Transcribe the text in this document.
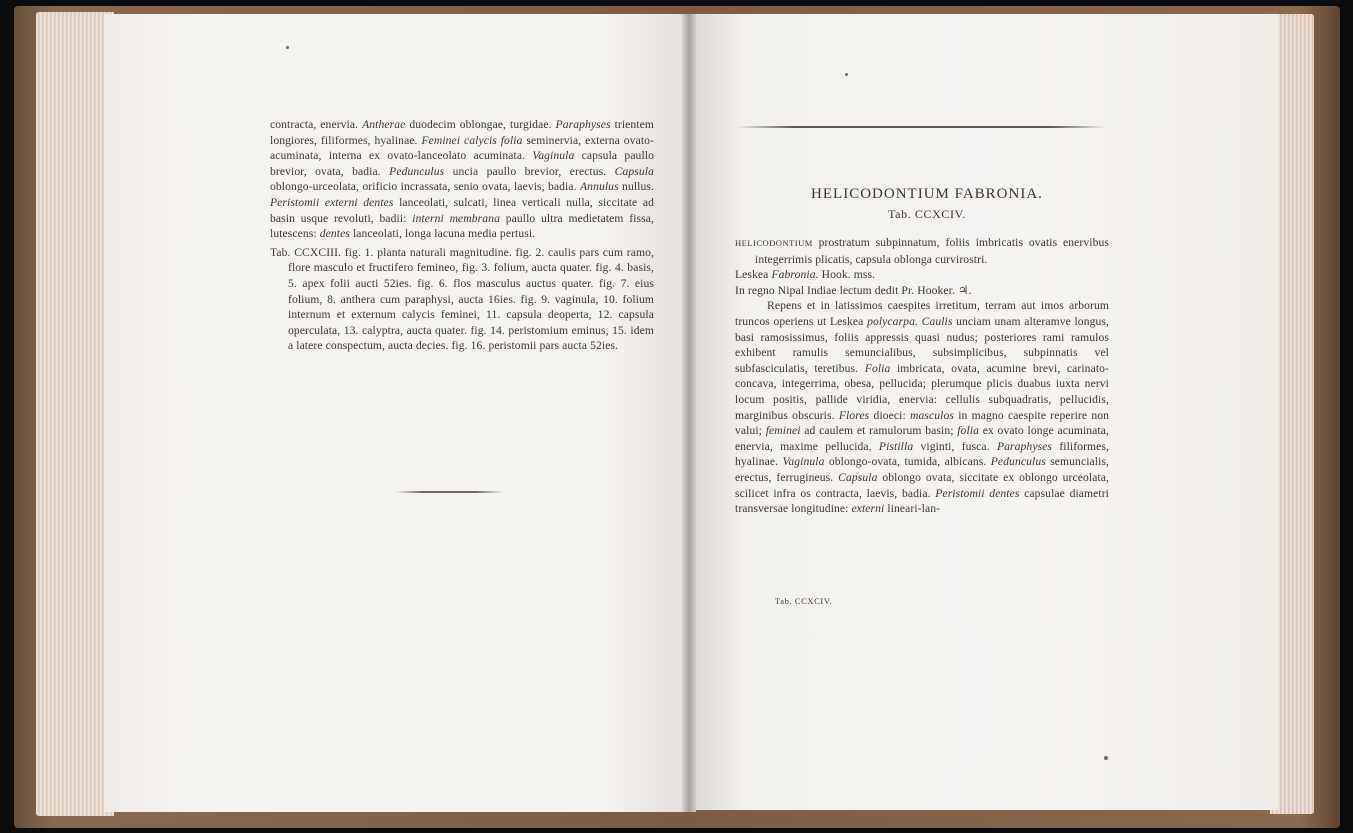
contracta, enervia. Antherae duodecim oblongae, turgidae. Paraphyses trientem longiores, filiformes, hyalinae. Feminei calycis folia seminervia, externa ovato-acuminata, interna ex ovato-lanceolato acuminata. Vaginula capsula paullo brevior, ovata, badia. Pedunculus uncia paullo brevior, erectus. Capsula oblongo-urceolata, orificio incrassata, senio ovata, laevis, badia. Annulus nullus. Peristomii externi dentes lanceolati, sulcati, linea verticali nulla, siccitate ad basin usque revoluti, badii: interni membrana paullo ultra medietatem fissa, lutescens: dentes lanceolati, longa lacuna media pertusi.

Tab. CCXCIII. fig. 1. planta naturali magnitudine. fig. 2. caulis pars cum ramo, flore masculo et fructifero femineo, fig. 3. folium, aucta quater. fig. 4. basis, 5. apex folii aucti 52ies. fig. 6. flos masculus auctus quater. fig. 7. eius folium, 8. anthera cum paraphysi, aucta 16ies. fig. 9. vaginula, 10. folium internum et externum calycis feminei, 11. capsula deoperta, 12. capsula operculata, 13. calyptra, aucta quater. fig. 14. peristomium eminus, 15. idem a latere conspectum, aucta decies. fig. 16. peristomii pars aucta 52ies.

HELICODONTIUM FABRONIA.
Tab. CCXCIV.

HELICODONTIUM prostratum subpinnatum, foliis imbricatis ovatis enervibus integerrimis plicatis, capsula oblonga curvirostri.

Leskea Fabronia. Hook. mss.

In regno Nipal Indiae lectum dedit Pr. Hooker. ♃.

Repens et in latissimos caespites irretitum, terram aut imos arborum truncos operiens ut Leskea polycarpa. Caulis unciam unam alteramve longus, basi ramosissimus, foliis appressis quasi nudus; posteriores rami ramulos exhibent ramulis semuncialibus, subsimplicibus, subpinnatis vel subfasciculatis, teretibus. Folia imbricata, ovata, acumine brevi, carinato-concava, integerrima, obesa, pellucida; plerumque plicis duabus iuxta nervi locum positis, pallide viridia, enervia: cellulis subquadratis, pellucidis, marginibus obscuris. Flores dioeci: masculos in magno caespite reperire non valui; feminei ad caulem et ramulorum basin; folia ex ovato longe acuminata, enervia, maxime pellucida. Pistilla viginti, fusca. Paraphyses filiformes, hyalinae. Vaginula oblongo-ovata, tumida, albicans. Pedunculus semuncialis, erectus, ferrugineus. Capsula oblongo ovata, siccitate ex oblongo urceolata, scilicet infra os contracta, laevis, badia. Peristomii dentes capsulae diametri transversae longitudine: externi lineari-lan-

Tab. CCXCIV.
